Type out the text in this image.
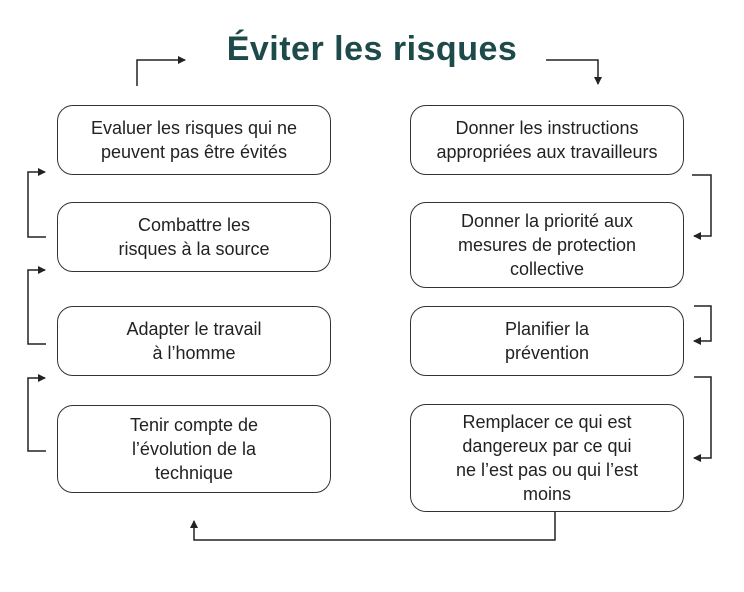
Éviter les risques
Evaluer les risques qui ne
peuvent pas être évités
Combattre les
risques à la source
Adapter le travail
à l’homme
Tenir compte de
l’évolution de la
technique
Donner les instructions
appropriées aux travailleurs
Donner la priorité aux
mesures de protection
collective
Planifier la
prévention
Remplacer ce qui est
dangereux par ce qui
ne l’est pas ou qui l’est
moins
